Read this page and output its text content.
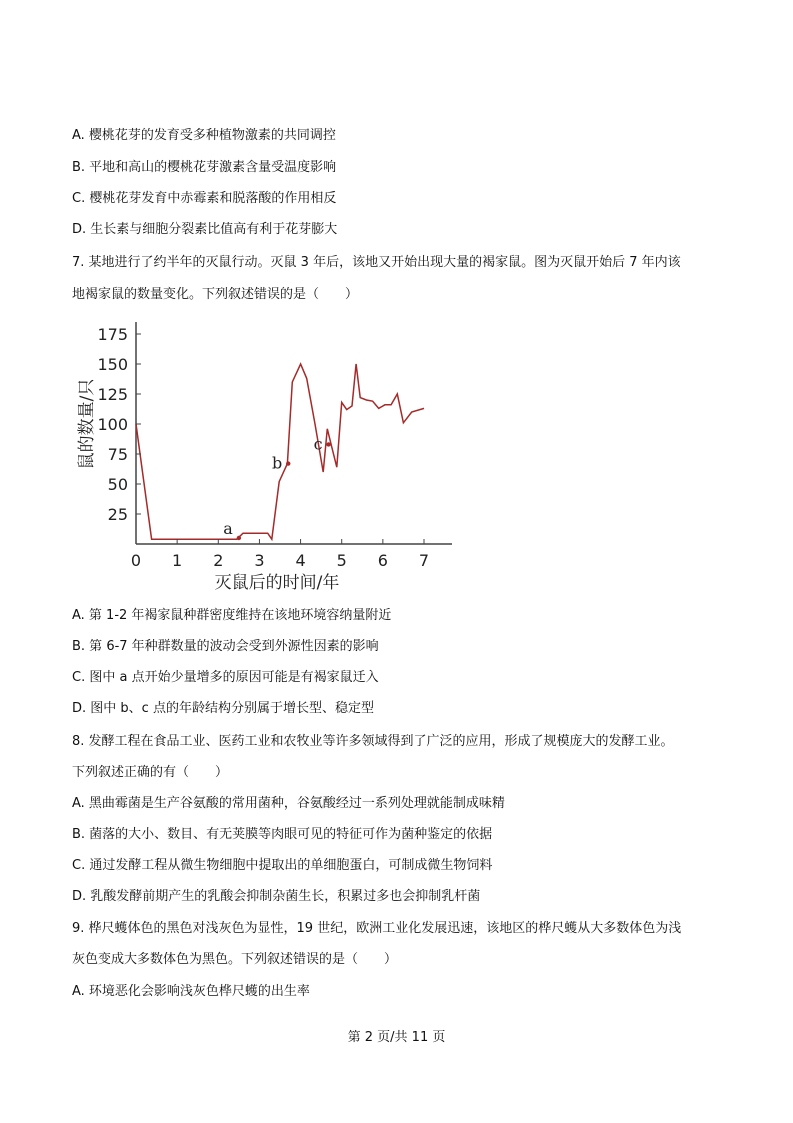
A. 樱桃花芽的发育受多种植物激素的共同调控
B. 平地和高山的樱桃花芽激素含量受温度影响
C. 樱桃花芽发育中赤霉素和脱落酸的作用相反
D. 生长素与细胞分裂素比值高有利于花芽膨大
7. 某地进行了约半年的灭鼠行动。灭鼠 3 年后，该地又开始出现大量的褐家鼠。图为灭鼠开始后 7 年内该
地褐家鼠的数量变化。下列叙述错误的是（　　）
0 1 2 3 4 5 6 7
25
50
75
100
125
150
175
a
b
c
灭鼠后的时间/年
鼠的数量/只
A. 第 1-2 年褐家鼠种群密度维持在该地环境容纳量附近
B. 第 6-7 年种群数量的波动会受到外源性因素的影响
C. 图中 a 点开始少量增多的原因可能是有褐家鼠迁入
D. 图中 b、c 点的年龄结构分别属于增长型、稳定型
8. 发酵工程在食品工业、医药工业和农牧业等许多领域得到了广泛的应用，形成了规模庞大的发酵工业。
下列叙述正确的有（　　）
A. 黑曲霉菌是生产谷氨酸的常用菌种，谷氨酸经过一系列处理就能制成味精
B. 菌落的大小、数目、有无荚膜等肉眼可见的特征可作为菌种鉴定的依据
C. 通过发酵工程从微生物细胞中提取出的单细胞蛋白，可制成微生物饲料
D. 乳酸发酵前期产生的乳酸会抑制杂菌生长，积累过多也会抑制乳杆菌
9. 桦尺蠖体色的黑色对浅灰色为显性，19 世纪，欧洲工业化发展迅速，该地区的桦尺蠖从大多数体色为浅
灰色变成大多数体色为黑色。下列叙述错误的是（　　）
A. 环境恶化会影响浅灰色桦尺蠖的出生率
第 2 页/共 11 页
